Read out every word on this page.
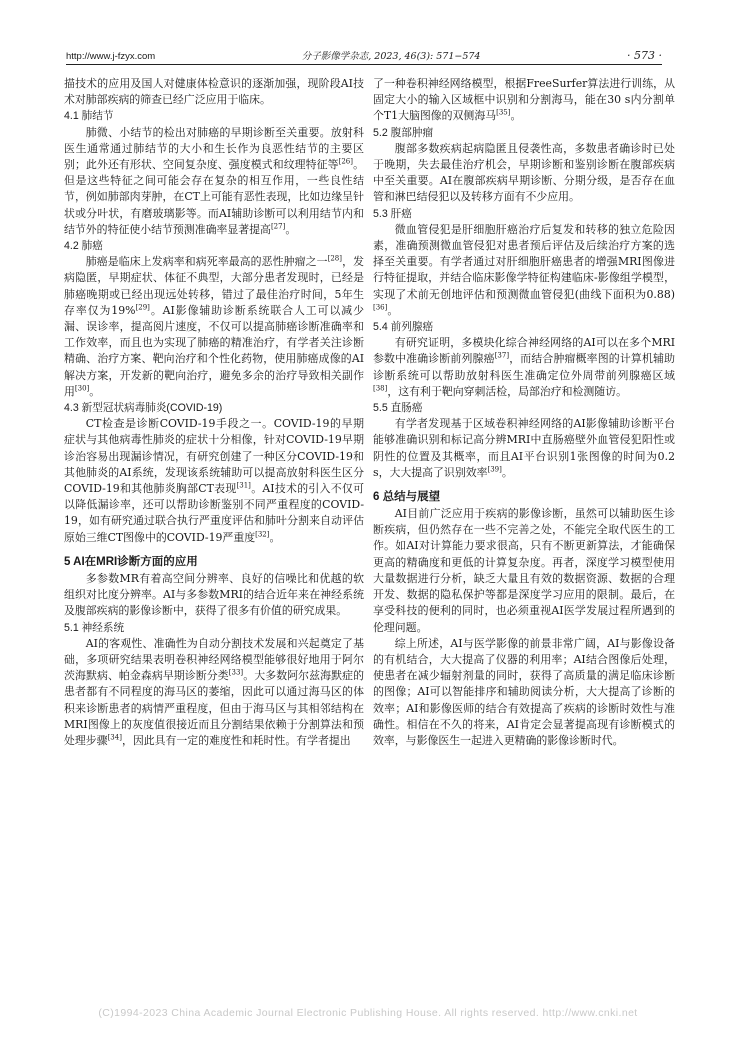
http://www.j-fzyx.com	分子影像学杂志, 2023, 46(3): 571−574	· 573 ·

描技术的应用及国人对健康体检意识的逐渐加强，现阶段AI技术对肺部疾病的筛查已经广泛应用于临床。

4.1 肺结节

肺微、小结节的检出对肺癌的早期诊断至关重要。放射科医生通常通过肺结节的大小和生长作为良恶性结节的主要区别；此外还有形状、空间复杂度、强度模式和纹理特征等[26]。但是这些特征之间可能会存在复杂的相互作用，一些良性结节，例如肺部肉芽肿，在CT上可能有恶性表现，比如边缘呈针状或分叶状，有磨玻璃影等。而AI辅助诊断可以利用结节内和结节外的特征使小结节预测准确率显著提高[27]。

4.2 肺癌

肺癌是临床上发病率和病死率最高的恶性肿瘤之一[28]，发病隐匿，早期症状、体征不典型，大部分患者发现时，已经是肺癌晚期或已经出现远处转移，错过了最佳治疗时间，5年生存率仅为19%[29]。AI影像辅助诊断系统联合人工可以减少漏、误诊率，提高阅片速度，不仅可以提高肺癌诊断准确率和工作效率，而且也为实现了肺癌的精准治疗，有学者关注诊断精确、治疗方案、靶向治疗和个性化药物，使用肺癌成像的AI解决方案，开发新的靶向治疗，避免多余的治疗导致相关副作用[30]。

4.3 新型冠状病毒肺炎(COVID-19)

CT检查是诊断COVID-19手段之一。COVID-19的早期症状与其他病毒性肺炎的症状十分相像，针对COVID-19早期诊治容易出现漏诊情况，有研究创建了一种区分COVID-19和其他肺炎的AI系统，发现该系统辅助可以提高放射科医生区分COVID-19和其他肺炎胸部CT表现[31]。AI技术的引入不仅可以降低漏诊率，还可以帮助诊断鉴别不同严重程度的COVID-19，如有研究通过联合执行严重度评估和肺叶分割来自动评估原始三维CT图像中的COVID-19严重度[32]。

5 AI在MRI诊断方面的应用

多参数MR有着高空间分辨率、良好的信噪比和优越的软组织对比度分辨率。AI与多参数MRI的结合近年来在神经系统及腹部疾病的影像诊断中，获得了很多有价值的研究成果。

5.1 神经系统

AI的客观性、准确性为自动分割技术发展和兴起奠定了基础，多项研究结果表明卷积神经网络模型能够很好地用于阿尔茨海默病、帕金森病早期诊断分类[33]。大多数阿尔兹海默症的患者都有不同程度的海马区的萎缩，因此可以通过海马区的体积来诊断患者的病情严重程度，但由于海马区与其相邻结构在MRI图像上的灰度值很接近而且分割结果依赖于分割算法和预处理步骤[34]，因此具有一定的难度性和耗时性。有学者提出

了一种卷积神经网络模型，根据FreeSurfer算法进行训练，从固定大小的输入区域框中识别和分割海马，能在30 s内分割单个T1大脑图像的双侧海马[35]。

5.2 腹部肿瘤

腹部多数疾病起病隐匿且侵袭性高，多数患者确诊时已处于晚期，失去最佳治疗机会，早期诊断和鉴别诊断在腹部疾病中至关重要。AI在腹部疾病早期诊断、分期分级，是否存在血管和淋巴结侵犯以及转移方面有不少应用。

5.3 肝癌

微血管侵犯是肝细胞肝癌治疗后复发和转移的独立危险因素，准确预测微血管侵犯对患者预后评估及后续治疗方案的选择至关重要。有学者通过对肝细胞肝癌患者的增强MRI图像进行特征提取，并结合临床影像学特征构建临床-影像组学模型，实现了术前无创地评估和预测微血管侵犯(曲线下面积为0.88)[36]。

5.4 前列腺癌

有研究证明，多模块化综合神经网络的AI可以在多个MRI参数中准确诊断前列腺癌[37]，而结合肿瘤概率图的计算机辅助诊断系统可以帮助放射科医生准确定位外周带前列腺癌区域[38]，这有利于靶向穿刺活检，局部治疗和检测随访。

5.5 直肠癌

有学者发现基于区域卷积神经网络的AI影像辅助诊断平台能够准确识别和标记高分辨MRI中直肠癌壁外血管侵犯阳性或阴性的位置及其概率，而且AI平台识别1张图像的时间为0.2 s，大大提高了识别效率[39]。

6 总结与展望

AI目前广泛应用于疾病的影像诊断，虽然可以辅助医生诊断疾病，但仍然存在一些不完善之处，不能完全取代医生的工作。如AI对计算能力要求很高，只有不断更新算法，才能确保更高的精确度和更低的计算复杂度。再者，深度学习模型使用大量数据进行分析，缺乏大量且有效的数据资源、数据的合理开发、数据的隐私保护等都是深度学习应用的限制。最后，在享受科技的便利的同时，也必须重视AI医学发展过程所遇到的伦理问题。

综上所述，AI与医学影像的前景非常广阔，AI与影像设备的有机结合，大大提高了仪器的利用率；AI结合图像后处理，使患者在减少辐射剂量的同时，获得了高质量的满足临床诊断的图像；AI可以智能排序和辅助阅读分析，大大提高了诊断的效率；AI和影像医师的结合有效提高了疾病的诊断时效性与准确性。相信在不久的将来，AI肯定会显著提高现有诊断模式的效率，与影像医生一起进入更精确的影像诊断时代。

(C)1994-2023 China Academic Journal Electronic Publishing House. All rights reserved. http://www.cnki.net
